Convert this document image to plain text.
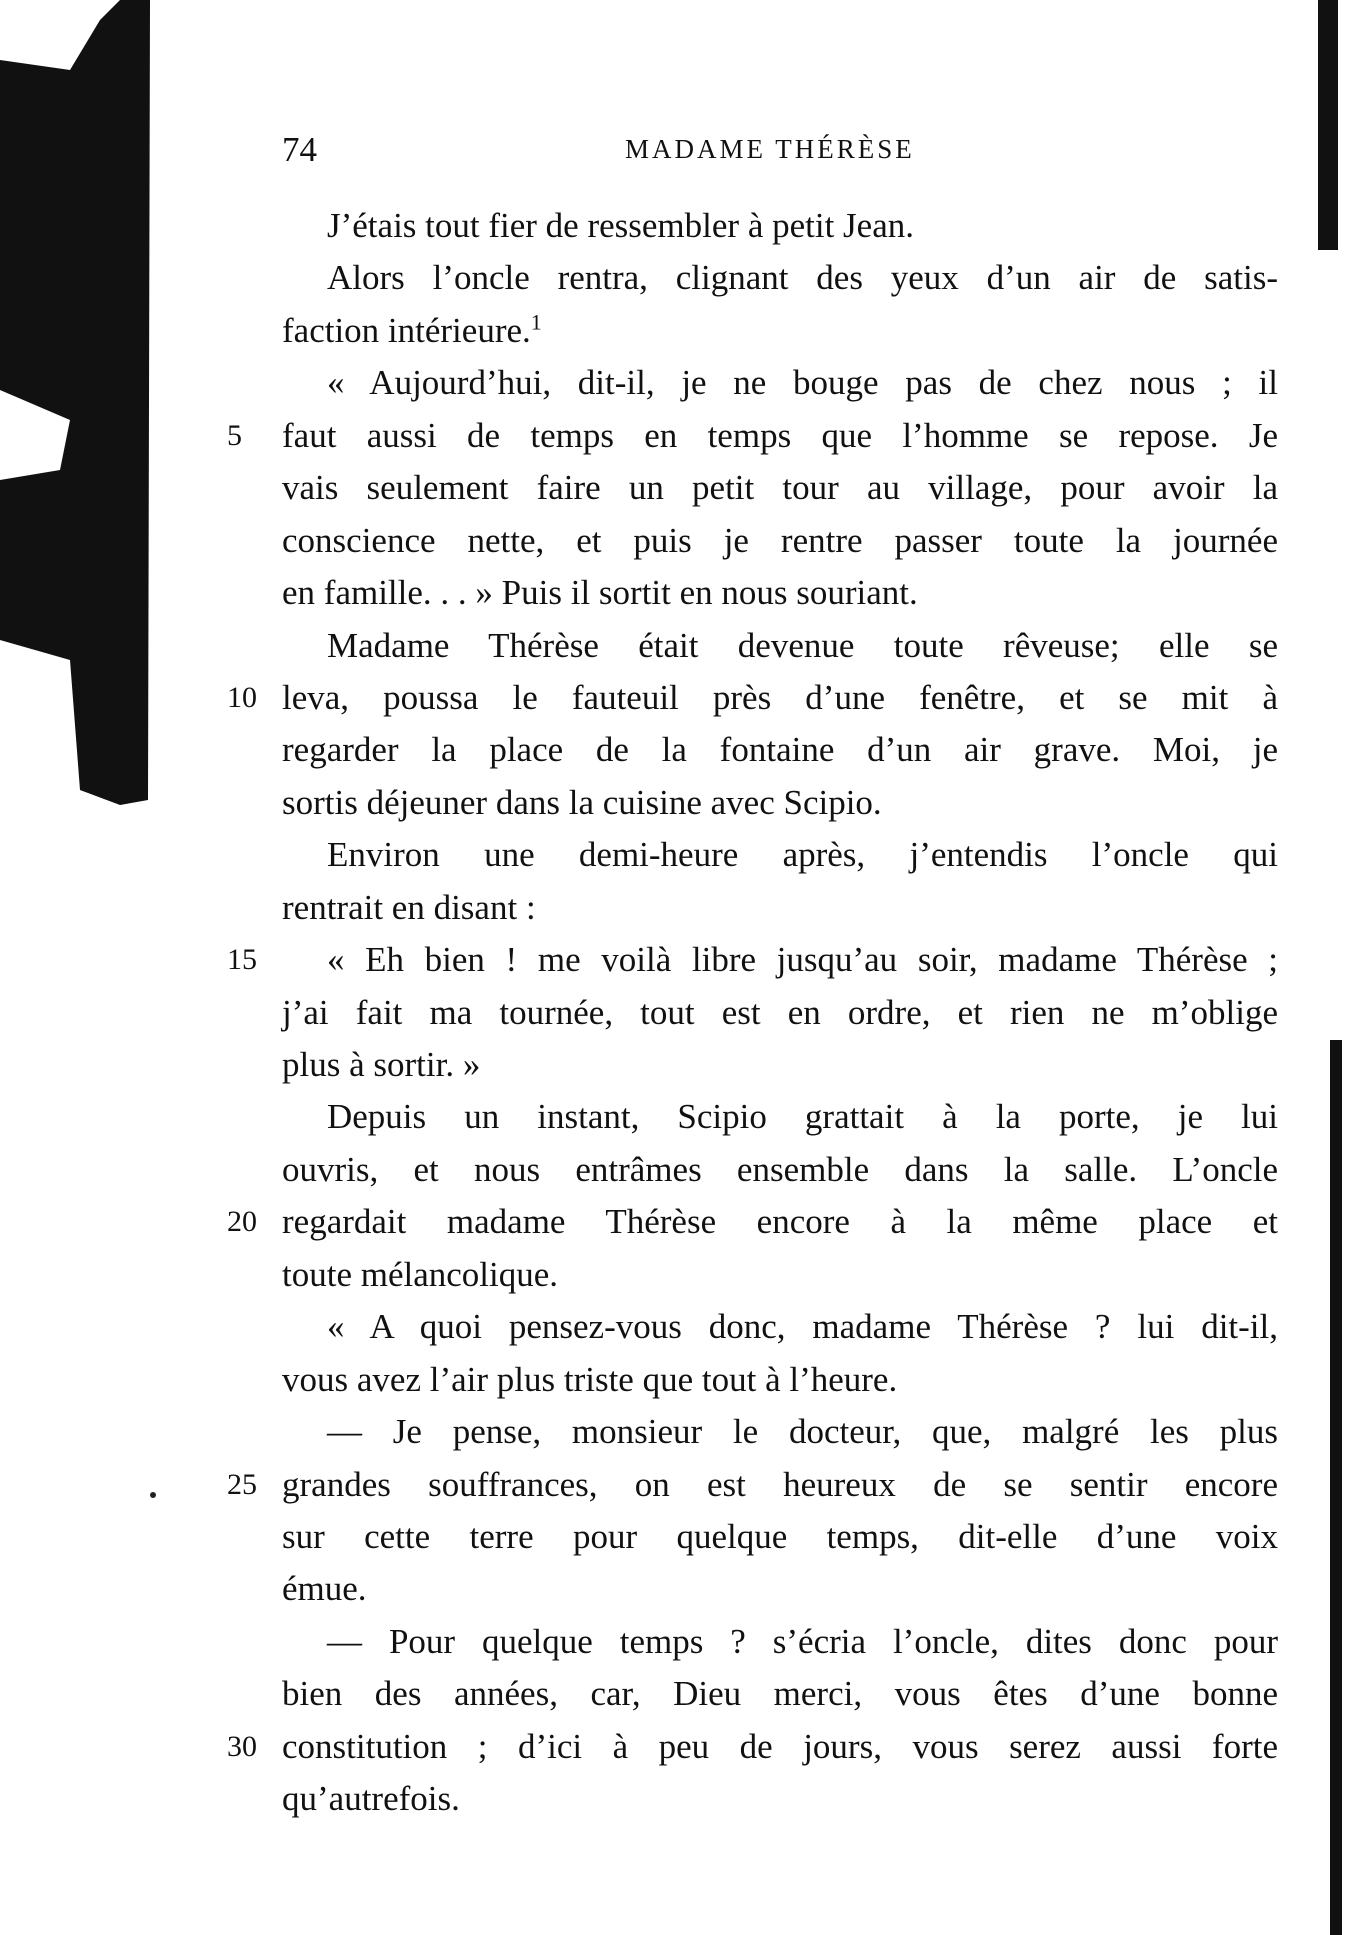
74	MADAME THÉRÈSE
J’étais tout fier de ressembler à petit Jean.
Alors l’oncle rentra, clignant des yeux d’un air de satis-
faction intérieure.$^1$
« Aujourd’hui, dit-il, je ne bouge pas de chez nous ; il
5	faut aussi de temps en temps que l’homme se repose. Je
vais seulement faire un petit tour au village, pour avoir la
conscience nette, et puis je rentre passer toute la journée
en famille. . . » Puis il sortit en nous souriant.
Madame Thérèse était devenue toute rêveuse; elle se
10 leva, poussa le fauteuil près d’une fenêtre, et se mit à
regarder la place de la fontaine d’un air grave. Moi, je
sortis déjeuner dans la cuisine avec Scipio.
Environ une demi-heure après, j’entendis l’oncle qui
rentrait en disant :
15 « Eh bien ! me voilà libre jusqu’au soir, madame Thérèse ;
j’ai fait ma tournée, tout est en ordre, et rien ne m’oblige
plus à sortir. »
Depuis un instant, Scipio grattait à la porte, je lui
ouvris, et nous entrâmes ensemble dans la salle. L’oncle
20 regardait madame Thérèse encore à la même place et
toute mélancolique.
« A quoi pensez-vous donc, madame Thérèse ? lui dit-il,
vous avez l’air plus triste que tout à l’heure.
— Je pense, monsieur le docteur, que, malgré les plus
25 grandes souffrances, on est heureux de se sentir encore
sur cette terre pour quelque temps, dit-elle d’une voix
émue.
— Pour quelque temps ? s’écria l’oncle, dites donc pour
bien des années, car, Dieu merci, vous êtes d’une bonne
30 constitution ; d’ici à peu de jours, vous serez aussi forte
qu’autrefois.
